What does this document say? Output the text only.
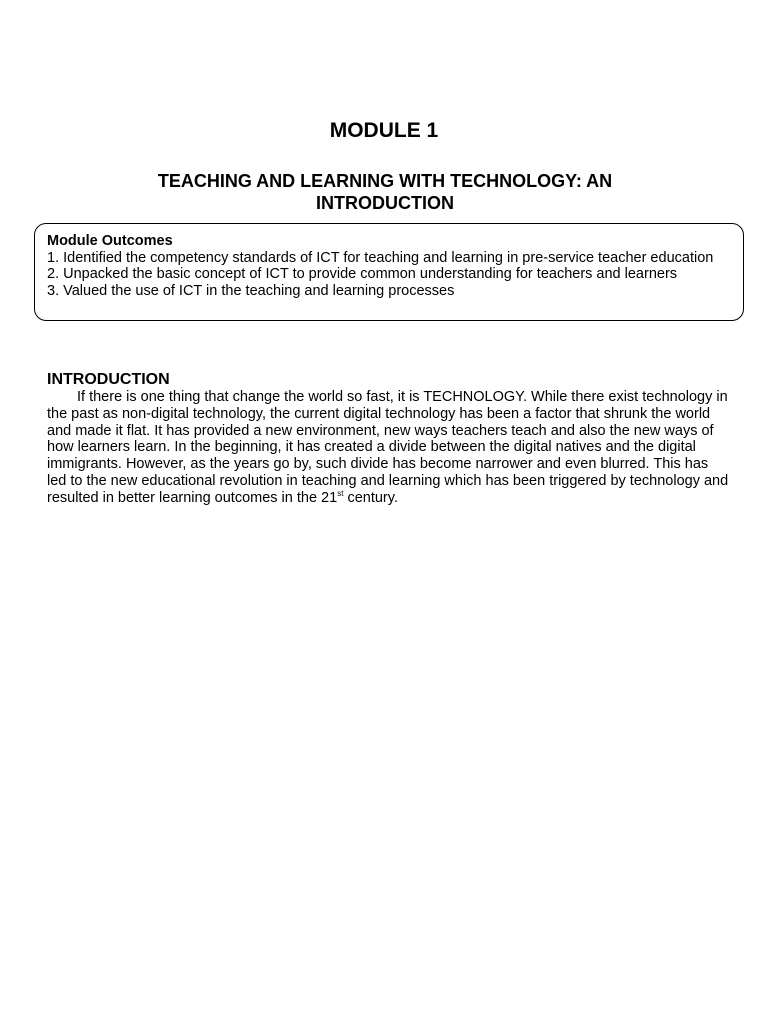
MODULE 1
TEACHING AND LEARNING WITH TECHNOLOGY: AN INTRODUCTION
Module Outcomes
1. Identified the competency standards of ICT for teaching and learning in pre-service teacher education
2. Unpacked the basic concept of ICT to provide common understanding for teachers and learners
3. Valued the use of ICT in the teaching and learning processes
INTRODUCTION

If there is one thing that change the world so fast, it is TECHNOLOGY. While there exist technology in the past as non-digital technology, the current digital technology has been a factor that shrunk the world and made it flat. It has provided a new environment, new ways teachers teach and also the new ways of how learners learn. In the beginning, it has created a divide between the digital natives and the digital immigrants. However, as the years go by, such divide has become narrower and even blurred. This has led to the new educational revolution in teaching and learning which has been triggered by technology and resulted in better learning outcomes in the 21st century.
